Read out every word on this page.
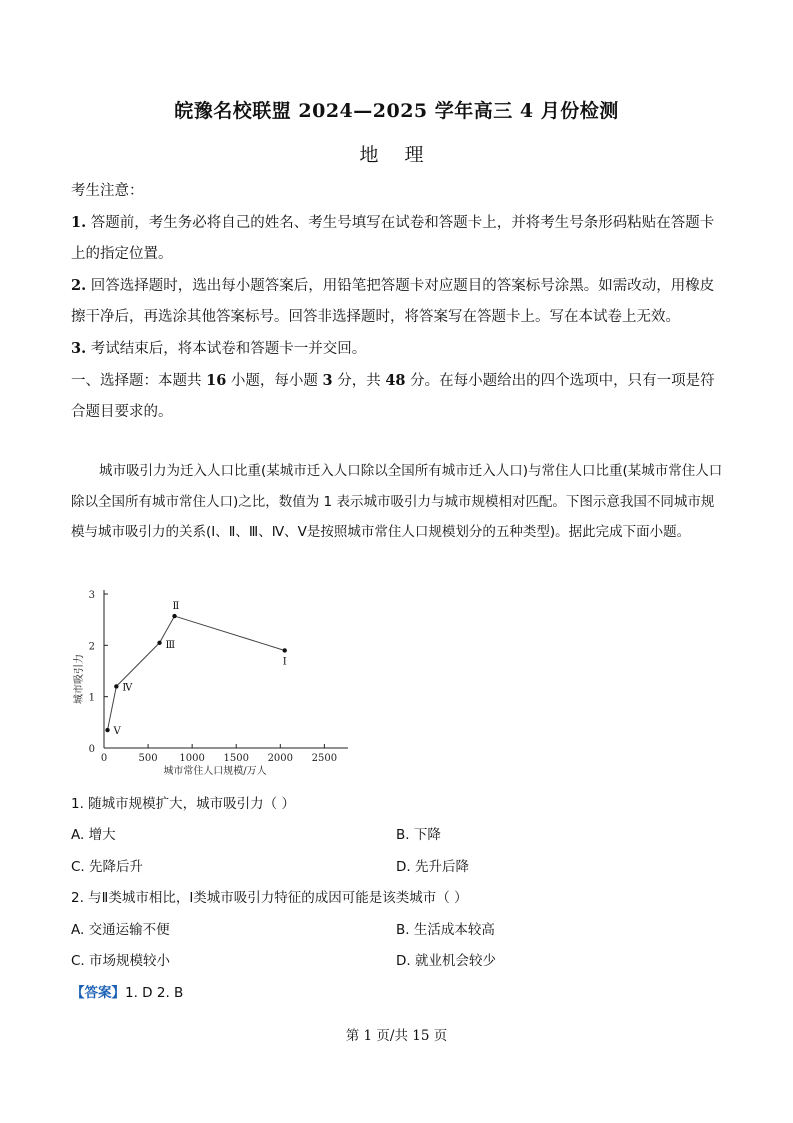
皖豫名校联盟 2024—2025 学年高三 4 月份检测
地 理

考生注意：

1. 答题前，考生务必将自己的姓名、考生号填写在试卷和答题卡上，并将考生号条形码粘贴在答题卡上的指定位置。

2. 回答选择题时，选出每小题答案后，用铅笔把答题卡对应题目的答案标号涂黑。如需改动，用橡皮擦干净后，再选涂其他答案标号。回答非选择题时，将答案写在答题卡上。写在本试卷上无效。

3. 考试结束后，将本试卷和答题卡一并交回。

一、选择题：本题共 16 小题，每小题 3 分，共 48 分。在每小题给出的四个选项中，只有一项是符合题目要求的。

城市吸引力为迁入人口比重(某城市迁入人口除以全国所有城市迁入人口)与常住人口比重(某城市常住人口除以全国所有城市常住人口)之比，数值为 1 表示城市吸引力与城市规模相对匹配。下图示意我国不同城市规模与城市吸引力的关系(Ⅰ、Ⅱ、Ⅲ、Ⅳ、Ⅴ是按照城市常住人口规模划分的五种类型)。据此完成下面小题。

0	500 1000 1500 2000 2500
0
1
2
3
城市常住人口规模/万人
城市吸引力
Ⅴ
Ⅳ
Ⅲ
Ⅱ
Ⅰ
1. 随城市规模扩大，城市吸引力（ ）
A. 增大	B. 下降
C. 先降后升	D. 先升后降
2. 与Ⅱ类城市相比，Ⅰ类城市吸引力特征的成因可能是该类城市（ ）
A. 交通运输不便	B. 生活成本较高
C. 市场规模较小	D. 就业机会较少
【答案】1. D 2. B
第 1 页/共 15 页
